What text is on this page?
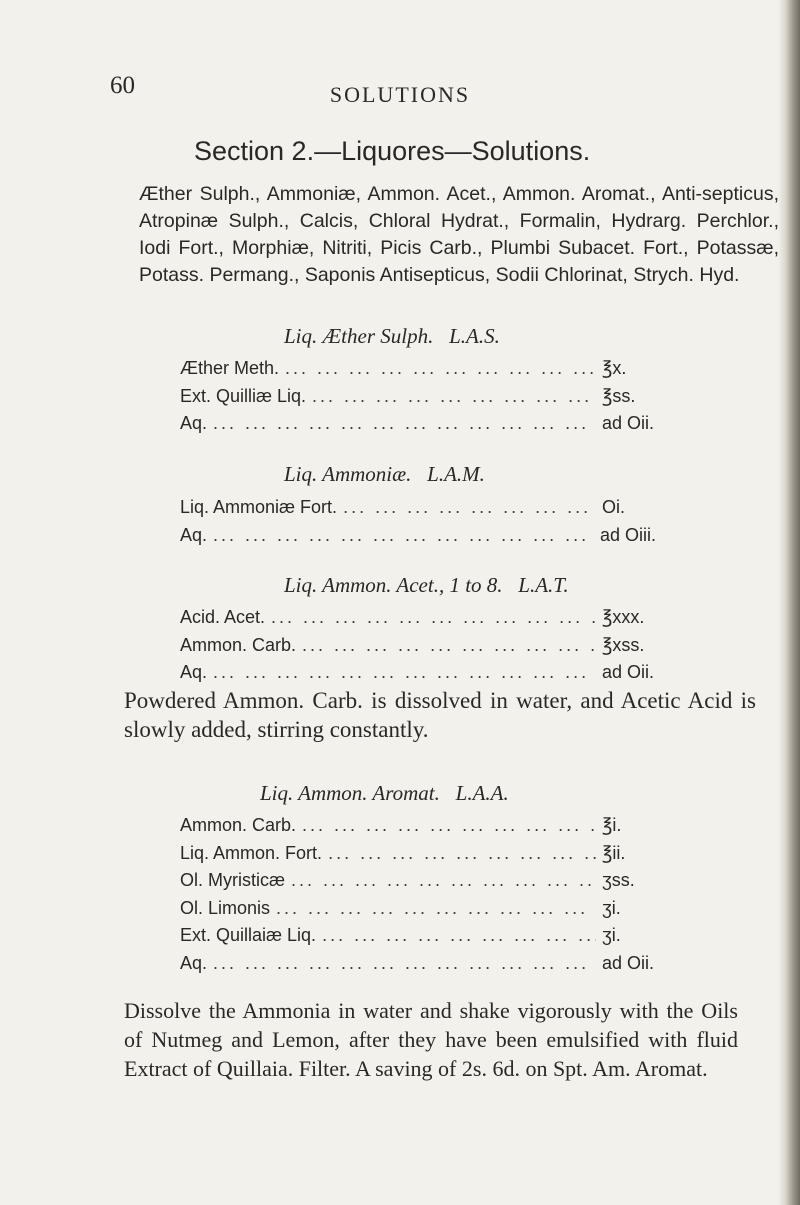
60	SOLUTIONS
Section 2.—Liquores—Solutions.

Æther Sulph., Ammoniæ, Ammon. Acet., Ammon. Aromat., Anti-septicus, Atropinæ Sulph., Calcis, Chloral Hydrat., Formalin, Hydrarg. Perchlor., Iodi Fort., Morphiæ, Nitriti, Picis Carb., Plumbi Subacet. Fort., Potassæ, Potass. Permang., Saponis Antisepticus, Sodii Chlorinat, Strych. Hyd.

Liq. Æther Sulph.   L.A.S.
Æther Meth. ... .	℥x.
Ext. Quilliæ Liq. ... .	℥ss.
Aq. ... .	ad Oii.
Liq. Ammoniæ.   L.A.M.
Liq. Ammoniæ Fort. ... .	Oi.
Aq. ... .	ad Oiii.
Liq. Ammon. Acet., 1 to 8.   L.A.T.
Acid. Acet. ... .	℥xxx.
Ammon. Carb. ... .	℥xss.
Aq. ... .	ad Oii.

Powdered Ammon. Carb. is dissolved in water, and Acetic Acid is slowly added, stirring constantly.

Liq. Ammon. Aromat.   L.A.A.
Ammon. Carb. ... .	℥i.
Liq. Ammon. Fort. ... .	℥ii.
Ol. Myristicæ ... .	ʒss.
Ol. Limonis ... .	ʒi.
Ext. Quillaiæ Liq. ... .	ʒi.
Aq. ... .	ad Oii.

Dissolve the Ammonia in water and shake vigorously with the Oils of Nutmeg and Lemon, after they have been emulsified with fluid Extract of Quillaia. Filter. A saving of 2s. 6d. on Spt. Am. Aromat.
